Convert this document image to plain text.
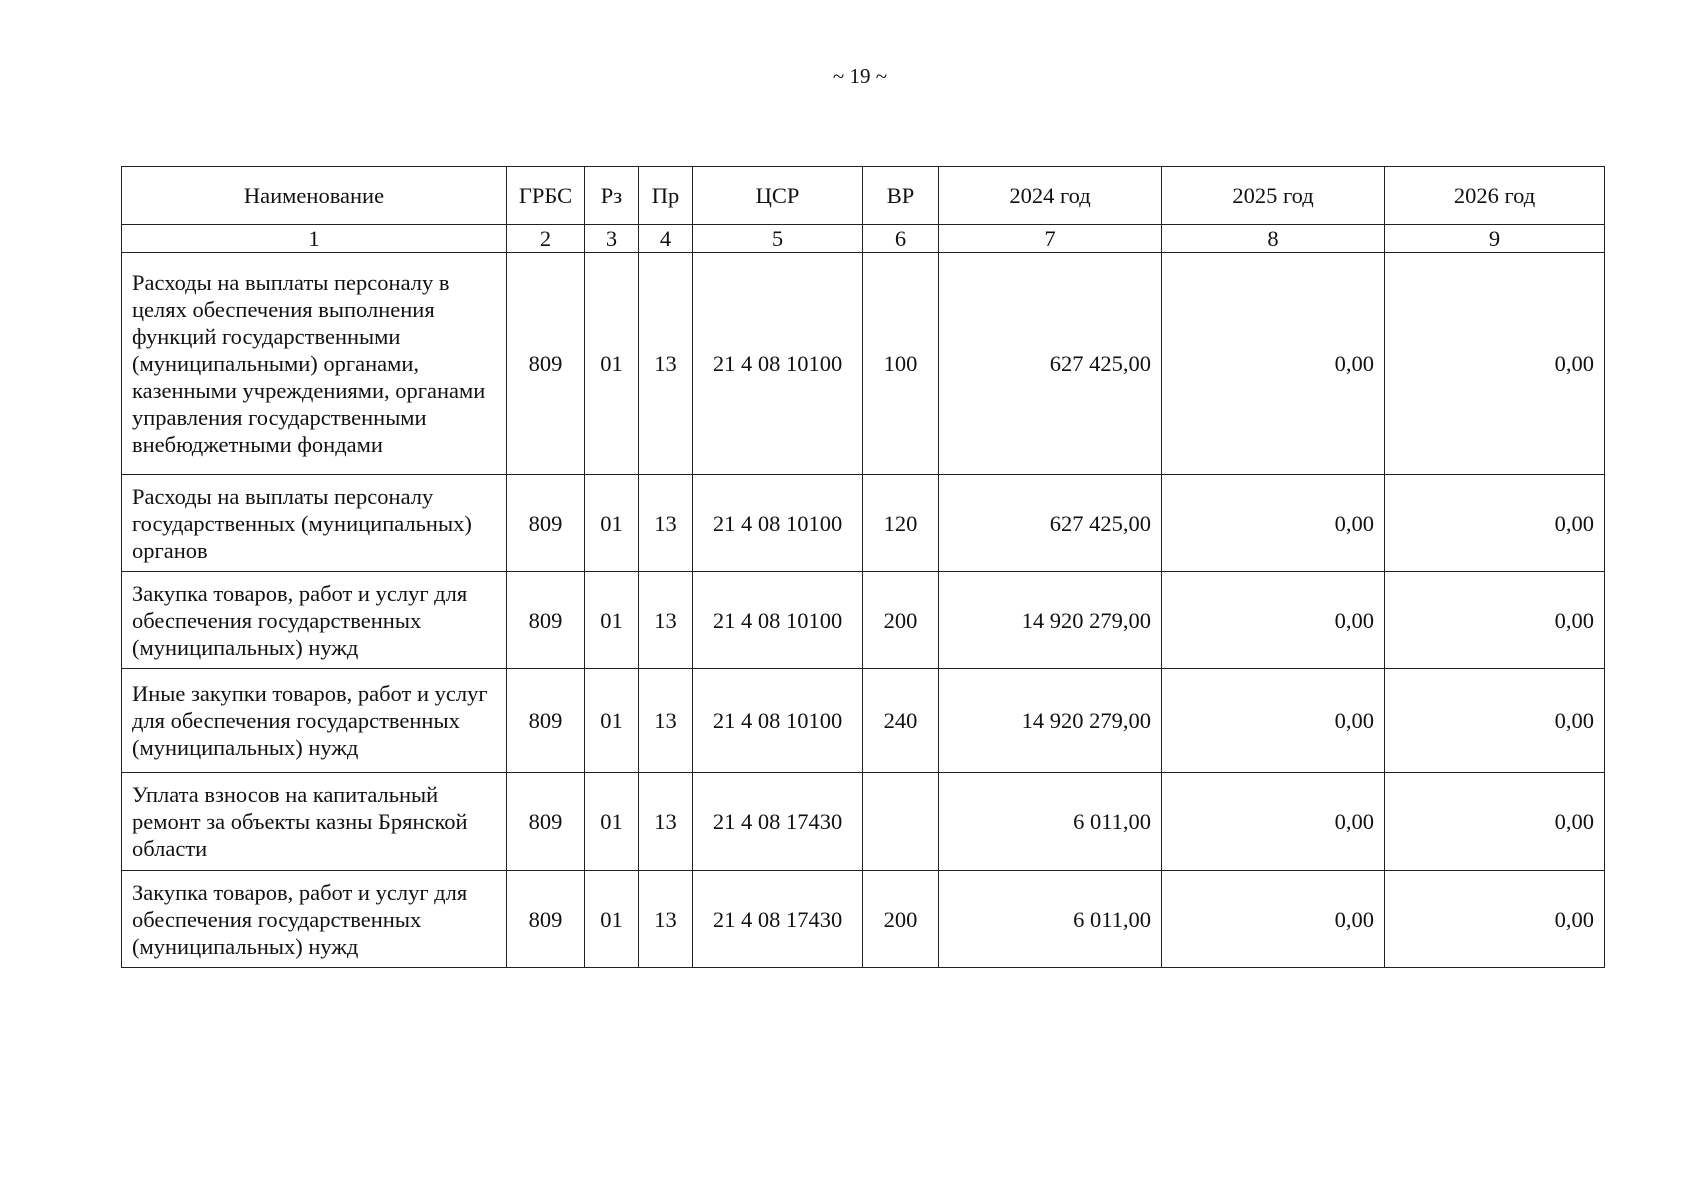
~ 19 ~
Наименование	ГРБС	Рз	Пр	ЦСР	ВР	2024 год	2025 год	2026 год
1	2	3	4	5	6	7	8	9
Расходы на выплаты персоналу в целях обеспечения выполнения функций государственными (муниципальными) органами, казенными учреждениями, органами управления государственными внебюджетными фондами	809	01	13	21 4 08 10100	100	627 425,00	0,00	0,00
Расходы на выплаты персоналу государственных (муниципальных) органов	809	01	13	21 4 08 10100	120	627 425,00	0,00	0,00
Закупка товаров, работ и услуг для обеспечения государственных (муниципальных) нужд	809	01	13	21 4 08 10100	200	14 920 279,00	0,00	0,00
Иные закупки товаров, работ и услуг для обеспечения государственных (муниципальных) нужд	809	01	13	21 4 08 10100	240	14 920 279,00	0,00	0,00
Уплата взносов на капитальный ремонт за объекты казны Брянской области	809	01	13	21 4 08 17430		6 011,00	0,00	0,00
Закупка товаров, работ и услуг для обеспечения государственных (муниципальных) нужд	809	01	13	21 4 08 17430	200	6 011,00	0,00	0,00
